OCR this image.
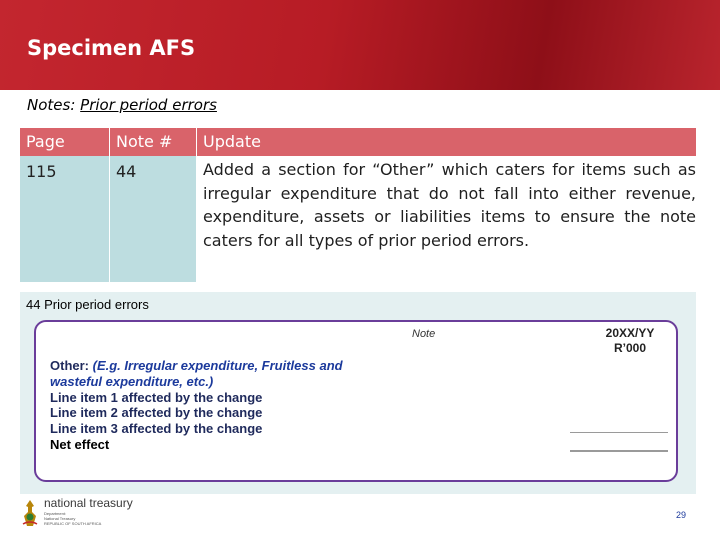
Specimen AFS
Notes: Prior period errors
Page	Note #	Update
115	44	Added a section for “Other” which caters for items such as irregular expenditure that do not fall into either revenue, expenditure, assets or liabilities items to ensure the note caters for all types of prior period errors.
44 Prior period errors
Note	20XX/YY
R’000
Other: (E.g. Irregular expenditure, Fruitless and
wasteful expenditure, etc.)
Line item 1 affected by the change
Line item 2 affected by the change
Line item 3 affected by the change
Net effect
national treasury
Department:
National Treasury
REPUBLIC OF SOUTH AFRICA
29
